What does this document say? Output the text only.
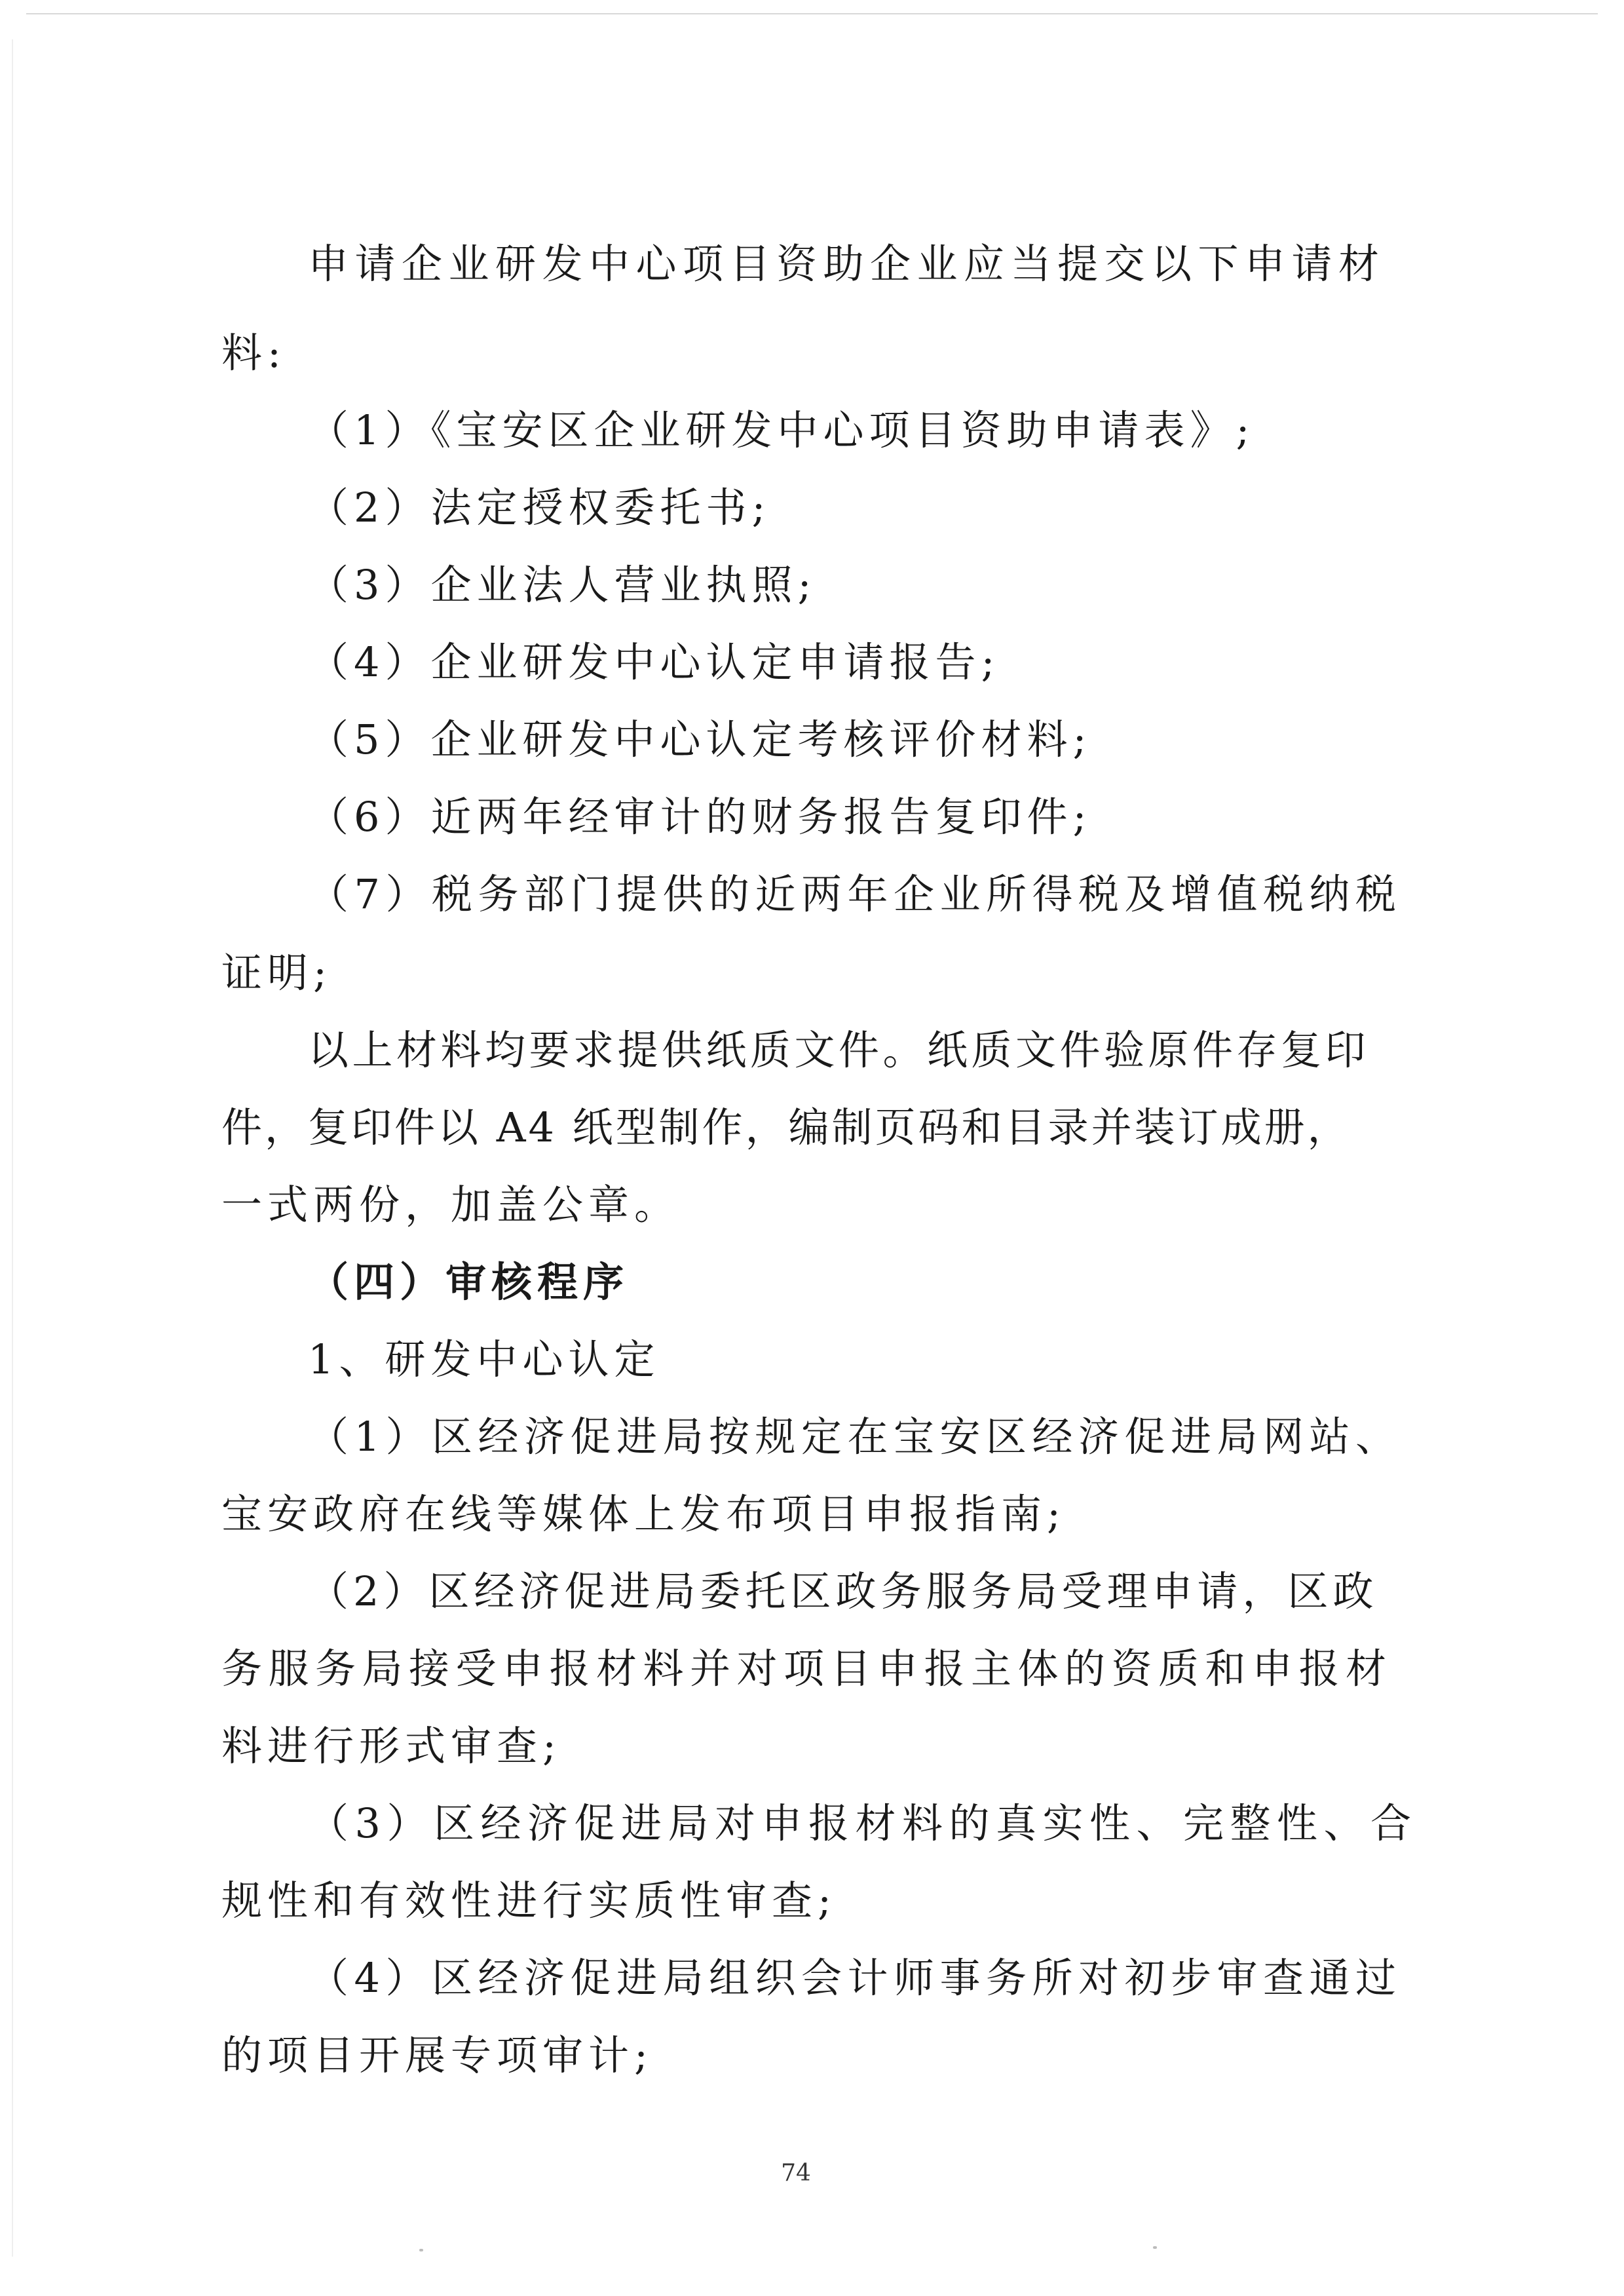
申请企业研发中心项目资助企业应当提交以下申请材
料:
（1）《宝安区企业研发中心项目资助申请表》;
（2）法定授权委托书;
（3）企业法人营业执照;
（4）企业研发中心认定申请报告;
（5）企业研发中心认定考核评价材料;
（6）近两年经审计的财务报告复印件;
（7）税务部门提供的近两年企业所得税及增值税纳税
证明;
以上材料均要求提供纸质文件。纸质文件验原件存复印
件，复印件以 A4 纸型制作，编制页码和目录并装订成册，
一式两份，加盖公章。
（四）审核程序
1、研发中心认定
（1）区经济促进局按规定在宝安区经济促进局网站、
宝安政府在线等媒体上发布项目申报指南;
（2）区经济促进局委托区政务服务局受理申请，区政
务服务局接受申报材料并对项目申报主体的资质和申报材
料进行形式审查;
（3）区经济促进局对申报材料的真实性、完整性、合
规性和有效性进行实质性审查;
（4）区经济促进局组织会计师事务所对初步审查通过
的项目开展专项审计;
74
